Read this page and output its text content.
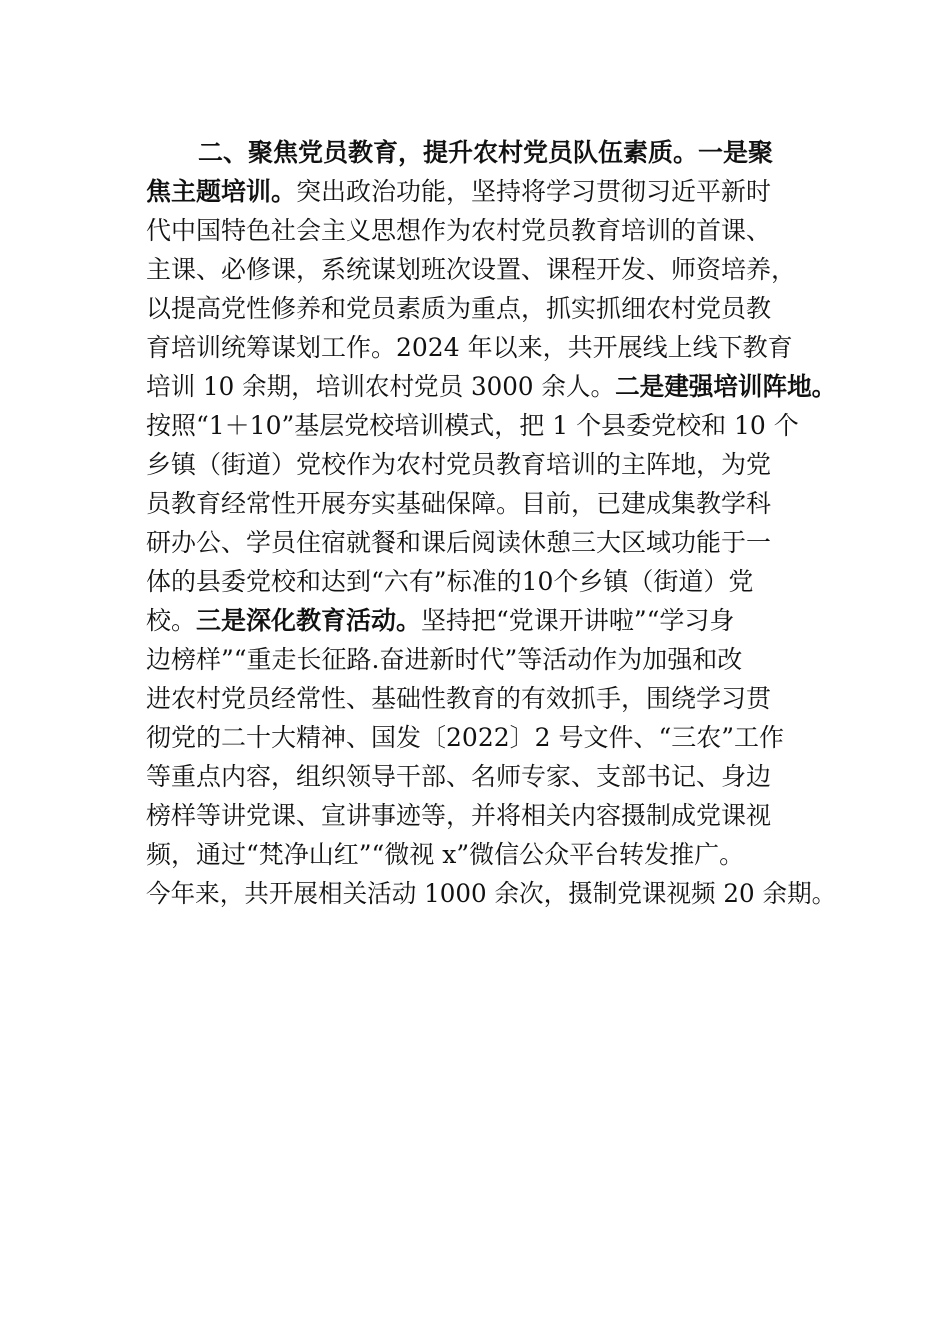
二、聚焦党员教育，提升农村党员队伍素质。一是聚
焦主题培训。突出政治功能，坚持将学习贯彻习近平新时
代中国特色社会主义思想作为农村党员教育培训的首课、
主课、必修课，系统谋划班次设置、课程开发、师资培养，
以提高党性修养和党员素质为重点，抓实抓细农村党员教
育培训统筹谋划工作。2024 年以来，共开展线上线下教育
培训 10 余期，培训农村党员 3000 余人。二是建强培训阵地。
按照“1＋10”基层党校培训模式，把 1 个县委党校和 10 个
乡镇（街道）党校作为农村党员教育培训的主阵地，为党
员教育经常性开展夯实基础保障。目前，已建成集教学科
研办公、学员住宿就餐和课后阅读休憩三大区域功能于一
体的县委党校和达到“六有”标准的10个乡镇（街道）党
校。三是深化教育活动。坚持把“党课开讲啦”“学习身
边榜样”“重走长征路.奋进新时代”等活动作为加强和改
进农村党员经常性、基础性教育的有效抓手，围绕学习贯
彻党的二十大精神、国发〔2022〕2 号文件、“三农”工作
等重点内容，组织领导干部、名师专家、支部书记、身边
榜样等讲党课、宣讲事迹等，并将相关内容摄制成党课视
频，通过“梵净山红”“微视 x”微信公众平台转发推广。
今年来，共开展相关活动 1000 余次，摄制党课视频 20 余期。
